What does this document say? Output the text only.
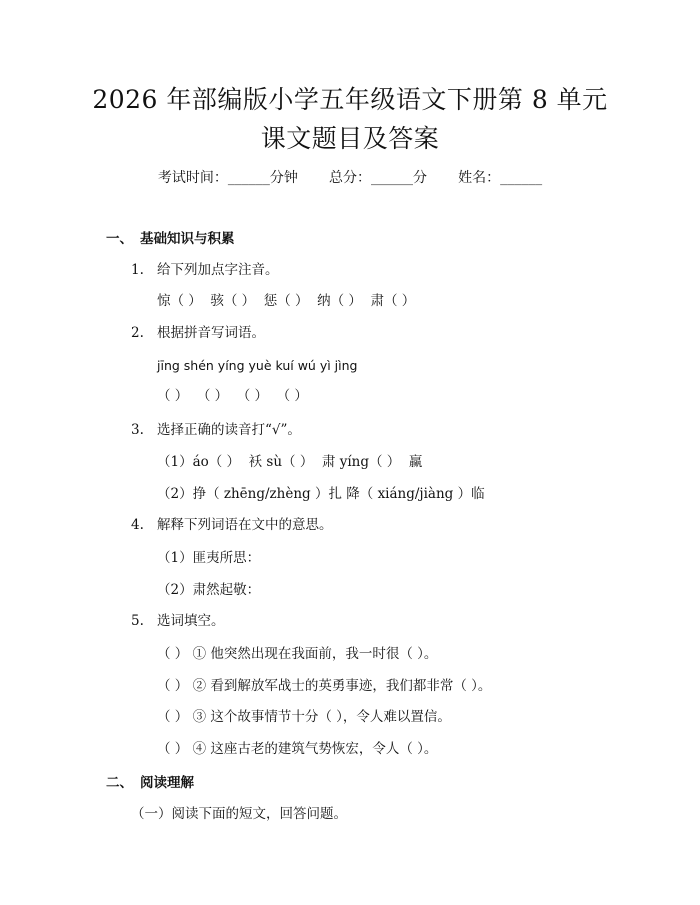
2026 年部编版小学五年级语文下册第 8 单元
课文题目及答案
考试时间：______分钟 总分：______分 姓名：______
一、 基础知识与积累
1. 给下列加点字注音。
惊（ ）  骇（ ）  惩（ ）  纳（ ）  肃（ ）
2. 根据拼音写词语。
jīng shén yíng yuè kuí wú yì jìng
（ ）  （ ）  （ ）  （ ）
3. 选择正确的读音打“√”。
（1）áo（ ）  袄 sù（ ）  肃 yíng（ ）  赢
（2）挣（ zhēng/zhèng ）扎 降（ xiáng/jiàng ）临
4. 解释下列词语在文中的意思。
（1）匪夷所思：
（2）肃然起敬：
5. 选词填空。
（ ） ① 他突然出现在我面前，我一时很（ ）。
（ ） ② 看到解放军战士的英勇事迹，我们都非常（ ）。
（ ） ③ 这个故事情节十分（ ），令人难以置信。
（ ） ④ 这座古老的建筑气势恢宏，令人（ ）。
二、 阅读理解
（一）阅读下面的短文，回答问题。
